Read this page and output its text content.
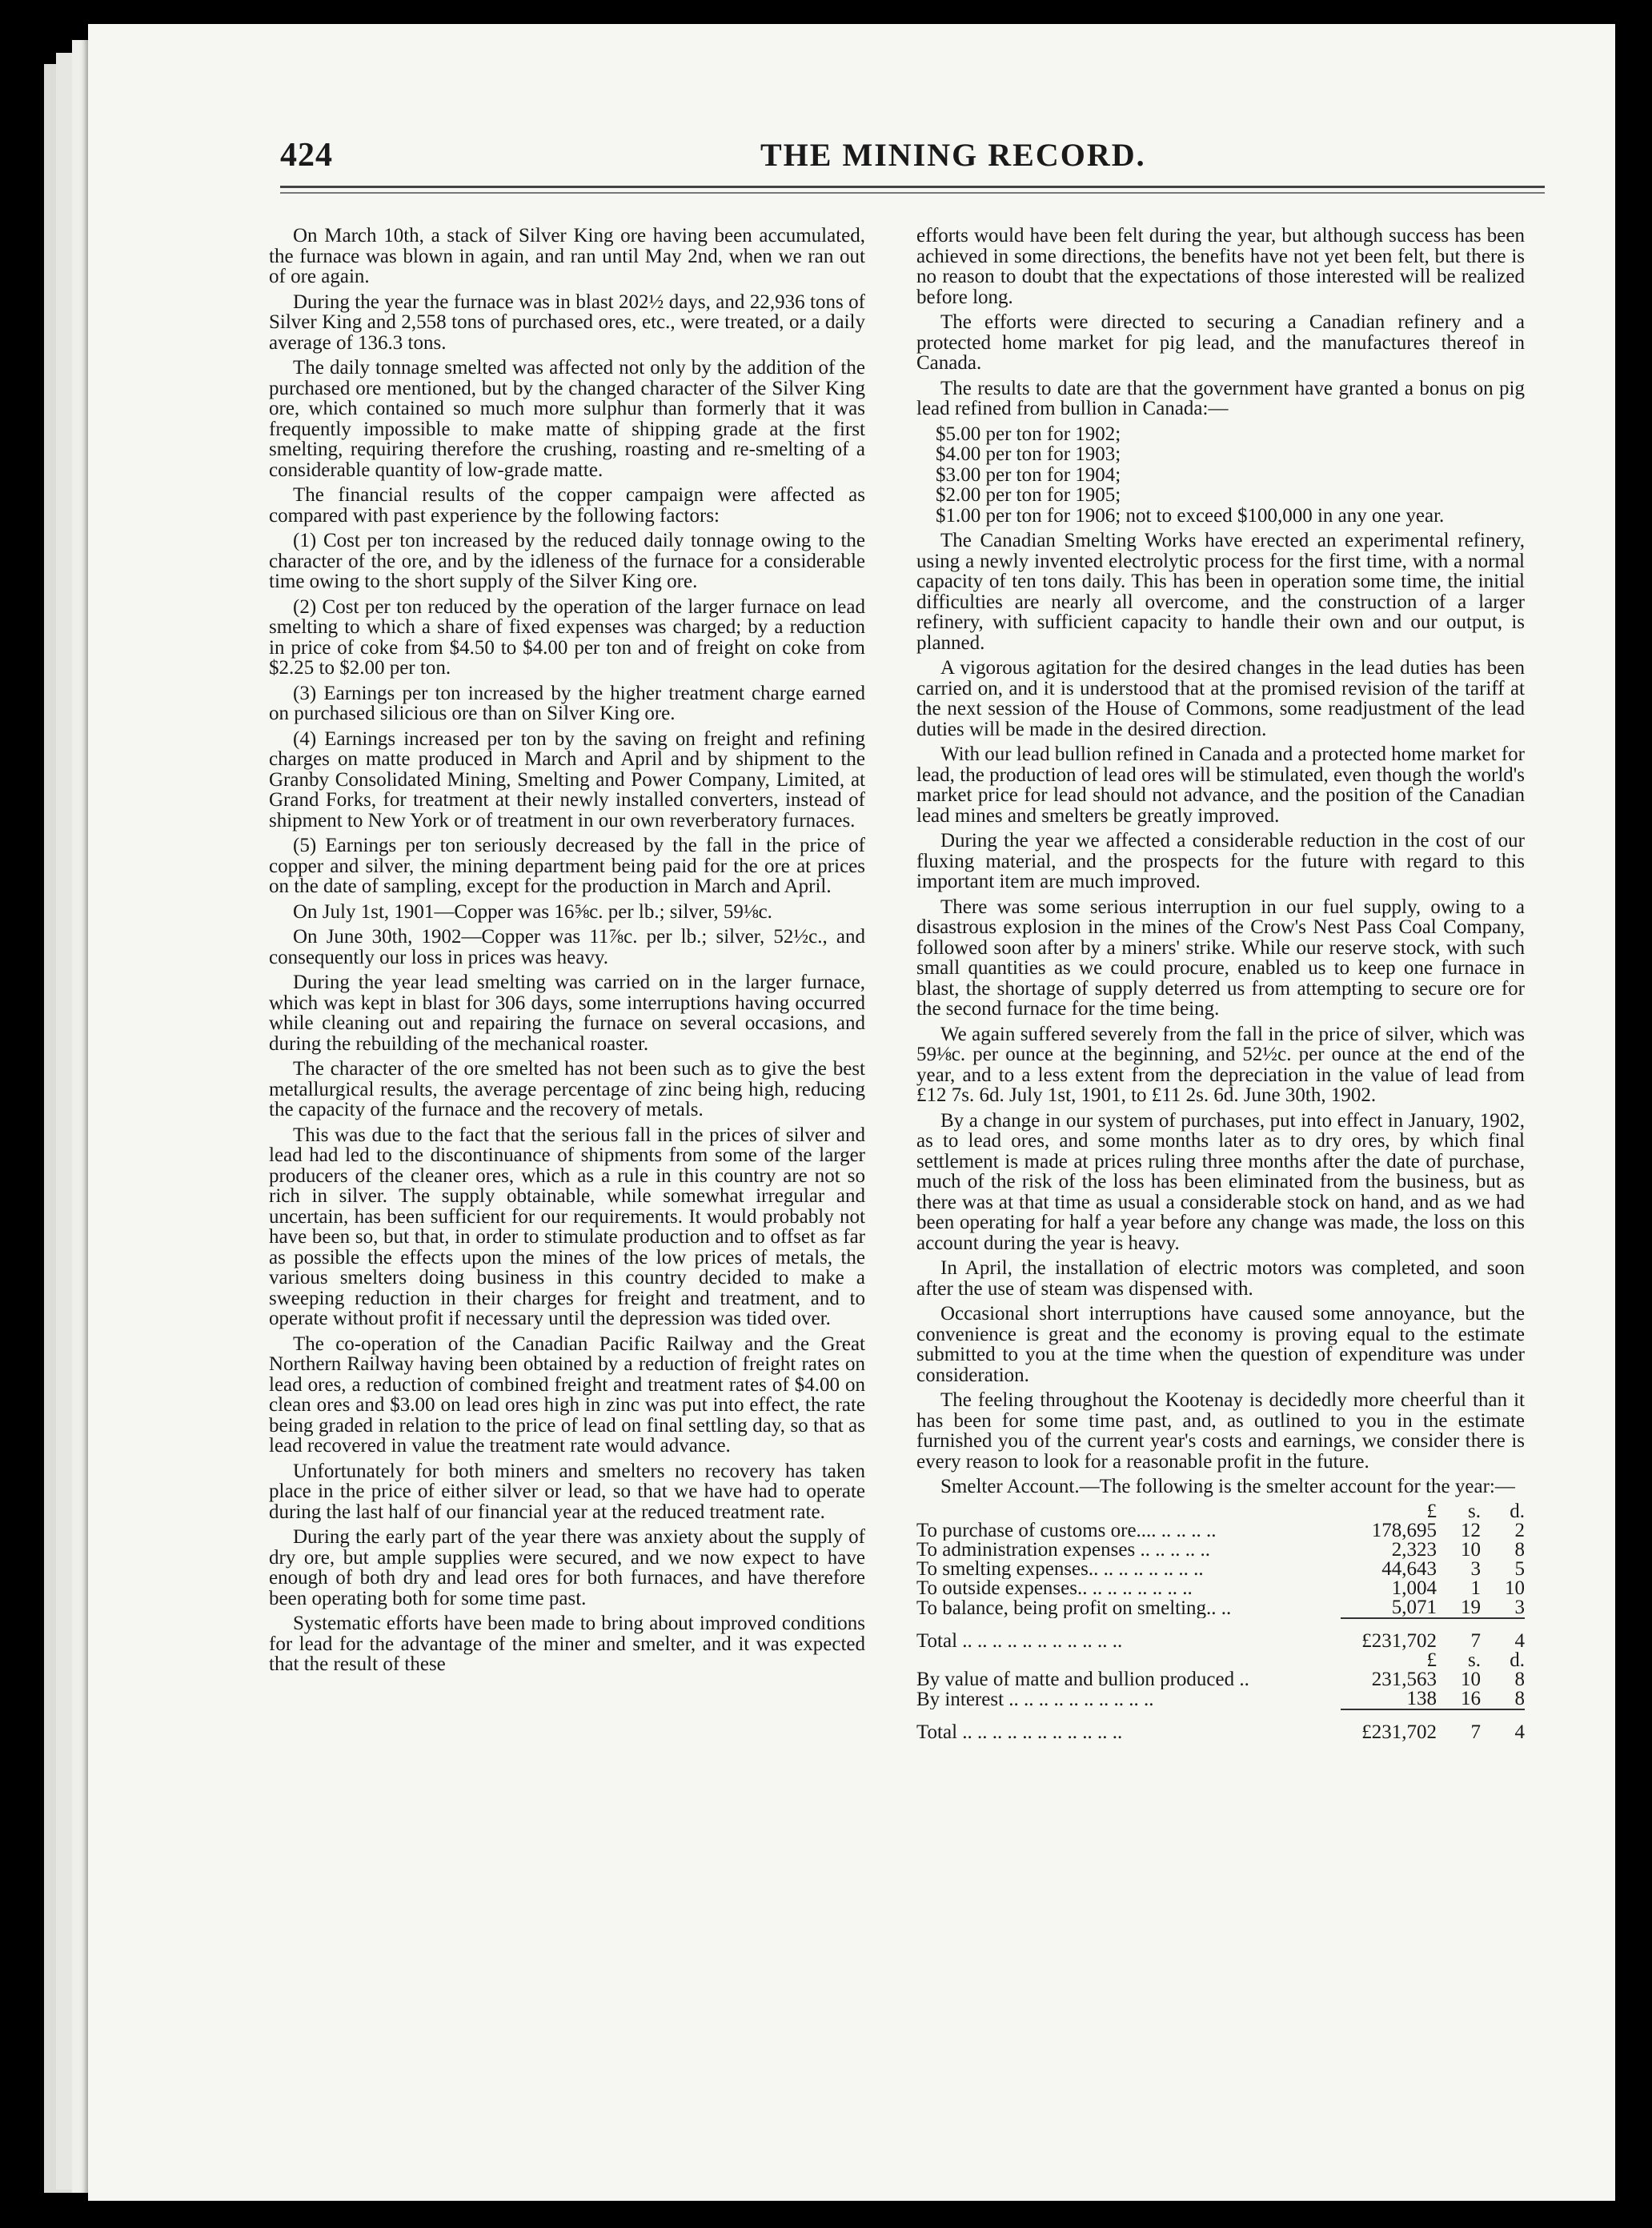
424	THE MINING RECORD.

On March 10th, a stack of Silver King ore having been accumulated, the furnace was blown in again, and ran until May 2nd, when we ran out of ore again.

During the year the furnace was in blast 202½ days, and 22,936 tons of Silver King and 2,558 tons of purchased ores, etc., were treated, or a daily average of 136.3 tons.

The daily tonnage smelted was affected not only by the addition of the purchased ore mentioned, but by the changed character of the Silver King ore, which contained so much more sulphur than formerly that it was frequently impossible to make matte of shipping grade at the first smelting, requiring therefore the crushing, roasting and re-smelting of a considerable quantity of low-grade matte.

The financial results of the copper campaign were affected as compared with past experience by the following factors:

(1) Cost per ton increased by the reduced daily tonnage owing to the character of the ore, and by the idleness of the furnace for a considerable time owing to the short supply of the Silver King ore.

(2) Cost per ton reduced by the operation of the larger furnace on lead smelting to which a share of fixed expenses was charged; by a reduction in price of coke from $4.50 to $4.00 per ton and of freight on coke from $2.25 to $2.00 per ton.

(3) Earnings per ton increased by the higher treatment charge earned on purchased silicious ore than on Silver King ore.

(4) Earnings increased per ton by the saving on freight and refining charges on matte produced in March and April and by shipment to the Granby Consolidated Mining, Smelting and Power Company, Limited, at Grand Forks, for treatment at their newly installed converters, instead of shipment to New York or of treatment in our own reverberatory furnaces.

(5) Earnings per ton seriously decreased by the fall in the price of copper and silver, the mining department being paid for the ore at prices on the date of sampling, except for the production in March and April.

On July 1st, 1901—Copper was 16⅝c. per lb.; silver, 59⅛c.

On June 30th, 1902—Copper was 11⅞c. per lb.; silver, 52½c., and consequently our loss in prices was heavy.

During the year lead smelting was carried on in the larger furnace, which was kept in blast for 306 days, some interruptions having occurred while cleaning out and repairing the furnace on several occasions, and during the rebuilding of the mechanical roaster.

The character of the ore smelted has not been such as to give the best metallurgical results, the average percentage of zinc being high, reducing the capacity of the furnace and the recovery of metals.

This was due to the fact that the serious fall in the prices of silver and lead had led to the discontinuance of shipments from some of the larger producers of the cleaner ores, which as a rule in this country are not so rich in silver. The supply obtainable, while somewhat irregular and uncertain, has been sufficient for our requirements. It would probably not have been so, but that, in order to stimulate production and to offset as far as possible the effects upon the mines of the low prices of metals, the various smelters doing business in this country decided to make a sweeping reduction in their charges for freight and treatment, and to operate without profit if necessary until the depression was tided over.

The co-operation of the Canadian Pacific Railway and the Great Northern Railway having been obtained by a reduction of freight rates on lead ores, a reduction of combined freight and treatment rates of $4.00 on clean ores and $3.00 on lead ores high in zinc was put into effect, the rate being graded in relation to the price of lead on final settling day, so that as lead recovered in value the treatment rate would advance.

Unfortunately for both miners and smelters no recovery has taken place in the price of either silver or lead, so that we have had to operate during the last half of our financial year at the reduced treatment rate.

During the early part of the year there was anxiety about the supply of dry ore, but ample supplies were secured, and we now expect to have enough of both dry and lead ores for both furnaces, and have therefore been operating both for some time past.

Systematic efforts have been made to bring about improved conditions for lead for the advantage of the miner and smelter, and it was expected that the result of these

efforts would have been felt during the year, but although success has been achieved in some directions, the benefits have not yet been felt, but there is no reason to doubt that the expectations of those interested will be realized before long.

The efforts were directed to securing a Canadian refinery and a protected home market for pig lead, and the manufactures thereof in Canada.

The results to date are that the government have granted a bonus on pig lead refined from bullion in Canada:—

$5.00 per ton for 1902;
$4.00 per ton for 1903;
$3.00 per ton for 1904;
$2.00 per ton for 1905;
$1.00 per ton for 1906; not to exceed $100,000 in any one year.

The Canadian Smelting Works have erected an experimental refinery, using a newly invented electrolytic process for the first time, with a normal capacity of ten tons daily. This has been in operation some time, the initial difficulties are nearly all overcome, and the construction of a larger refinery, with sufficient capacity to handle their own and our output, is planned.

A vigorous agitation for the desired changes in the lead duties has been carried on, and it is understood that at the promised revision of the tariff at the next session of the House of Commons, some readjustment of the lead duties will be made in the desired direction.

With our lead bullion refined in Canada and a protected home market for lead, the production of lead ores will be stimulated, even though the world's market price for lead should not advance, and the position of the Canadian lead mines and smelters be greatly improved.

During the year we affected a considerable reduction in the cost of our fluxing material, and the prospects for the future with regard to this important item are much improved.

There was some serious interruption in our fuel supply, owing to a disastrous explosion in the mines of the Crow's Nest Pass Coal Company, followed soon after by a miners' strike. While our reserve stock, with such small quantities as we could procure, enabled us to keep one furnace in blast, the shortage of supply deterred us from attempting to secure ore for the second furnace for the time being.

We again suffered severely from the fall in the price of silver, which was 59⅛c. per ounce at the beginning, and 52½c. per ounce at the end of the year, and to a less extent from the depreciation in the value of lead from £12 7s. 6d. July 1st, 1901, to £11 2s. 6d. June 30th, 1902.

By a change in our system of purchases, put into effect in January, 1902, as to lead ores, and some months later as to dry ores, by which final settlement is made at prices ruling three months after the date of purchase, much of the risk of the loss has been eliminated from the business, but as there was at that time as usual a considerable stock on hand, and as we had been operating for half a year before any change was made, the loss on this account during the year is heavy.

In April, the installation of electric motors was completed, and soon after the use of steam was dispensed with.

Occasional short interruptions have caused some annoyance, but the convenience is great and the economy is proving equal to the estimate submitted to you at the time when the question of expenditure was under consideration.

The feeling throughout the Kootenay is decidedly more cheerful than it has been for some time past, and, as outlined to you in the estimate furnished you of the current year's costs and earnings, we consider there is every reason to look for a reasonable profit in the future.

Smelter Account.—The following is the smelter account for the year:—

	£	s.	d.
To purchase of customs ore.... .. .. .. ..	178,695	12	2
To administration expenses .. .. .. .. ..	2,323	10	8
To smelting expenses.. .. .. .. .. .. .. ..	44,643	3	5
To outside expenses.. .. .. .. .. .. .. ..	1,004	1	10
To balance, being profit on smelting.. ..	5,071	19	3
Total .. .. .. .. .. .. .. .. .. .. ..	£231,702	7	4
	£	s.	d.
By value of matte and bullion produced ..	231,563	10	8
By interest .. .. .. .. .. .. .. .. .. ..	138	16	8
Total .. .. .. .. .. .. .. .. .. .. ..	£231,702	7	4
